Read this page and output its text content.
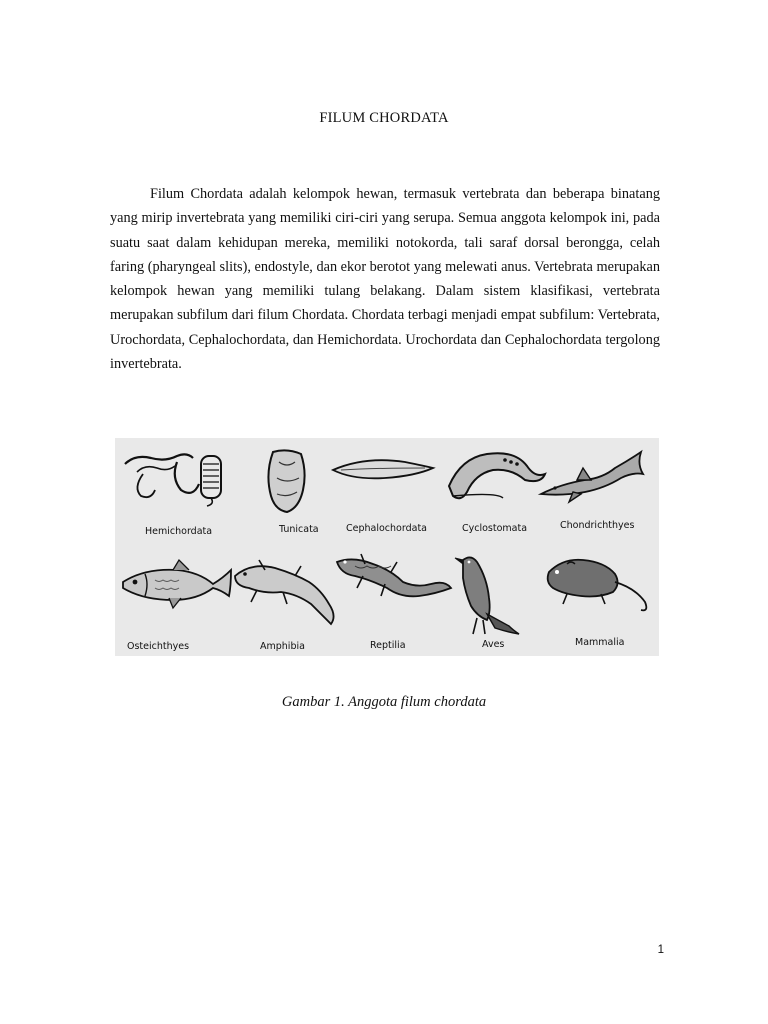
FILUM CHORDATA

Filum Chordata adalah kelompok hewan, termasuk vertebrata dan beberapa binatang yang mirip invertebrata yang memiliki ciri-ciri yang serupa. Semua anggota kelompok ini, pada suatu saat dalam kehidupan mereka, memiliki notokorda, tali saraf dorsal berongga, celah faring (pharyngeal slits), endostyle, dan ekor berotot yang melewati anus. Vertebrata merupakan kelompok hewan yang memiliki tulang belakang. Dalam sistem klasifikasi, vertebrata merupakan subfilum dari filum Chordata. Chordata terbagi menjadi empat subfilum: Vertebrata, Urochordata, Cephalochordata, dan Hemichordata. Urochordata dan Cephalochordata tergolong invertebrata.

Hemichordata	Tunicata	Cephalochordata	Cyclostomata	Chondrichthyes
Osteichthyes	Amphibia	Reptilia	Aves	Mammalia
Gambar 1. Anggota filum chordata
1
